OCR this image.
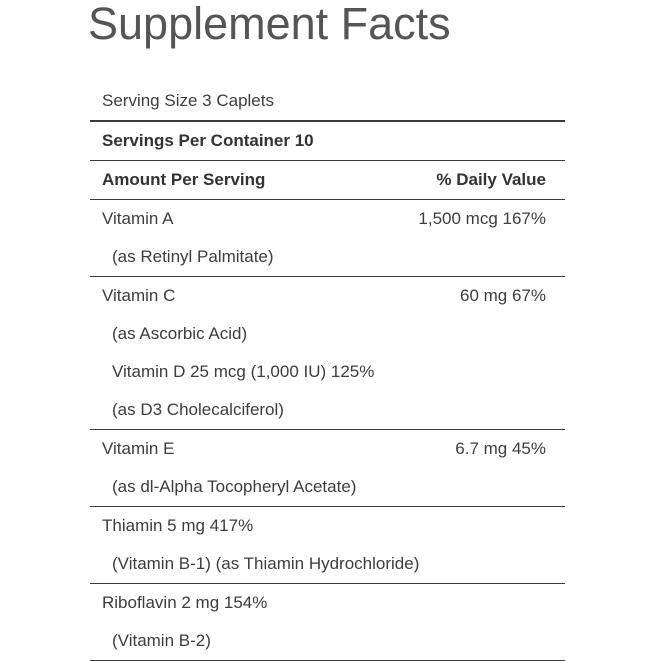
Supplement Facts
Serving Size 3 Caplets
Servings Per Container 10
Amount Per Serving	% Daily Value
Vitamin A	1,500 mcg 167%
(as Retinyl Palmitate)
Vitamin C	60 mg 67%
(as Ascorbic Acid)
Vitamin D 25 mcg (1,000 IU) 125%
(as D3 Cholecalciferol)
Vitamin E	6.7 mg 45%
(as dl-Alpha Tocopheryl Acetate)
Thiamin 5 mg 417%
(Vitamin B-1) (as Thiamin Hydrochloride)
Riboflavin 2 mg 154%
(Vitamin B-2)
